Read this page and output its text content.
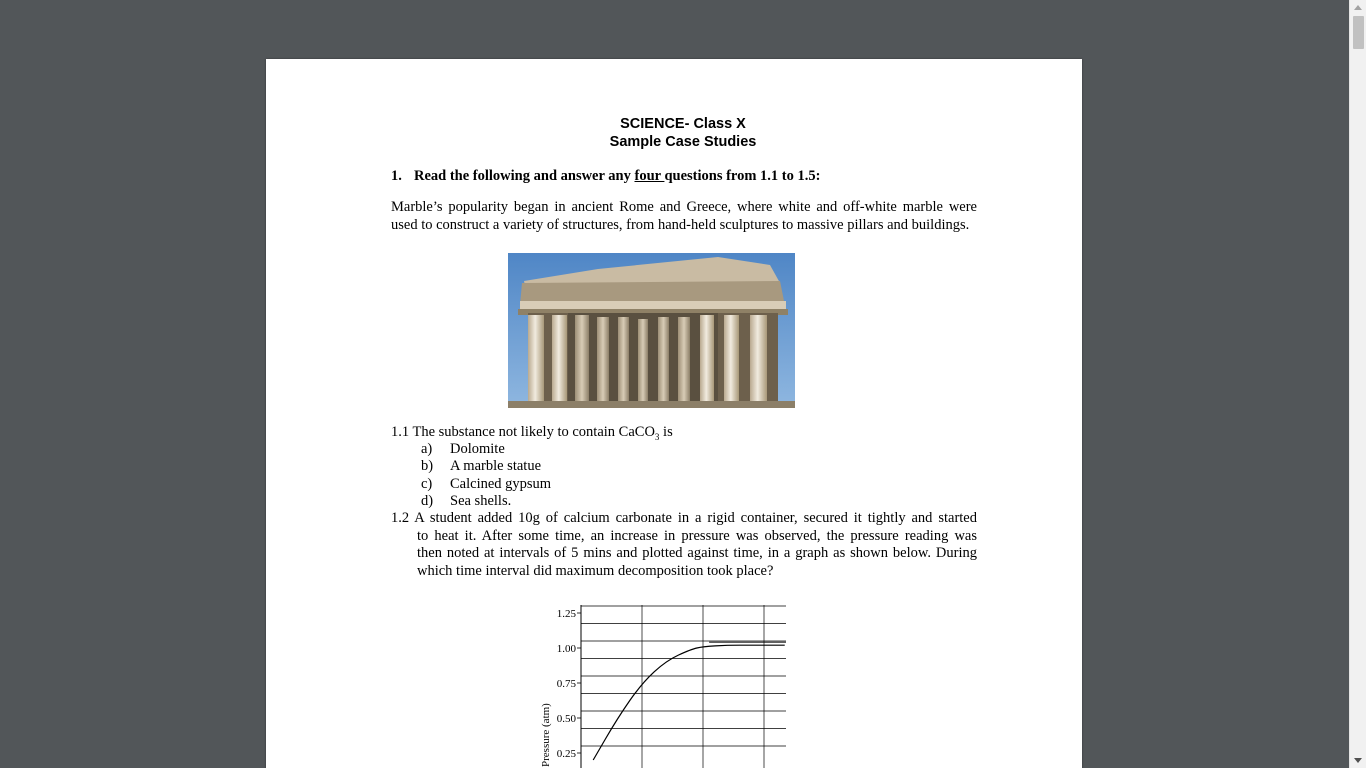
SCIENCE- Class X
Sample Case Studies
1. Read the following and answer any four questions from 1.1 to 1.5:
Marble’s popularity began in ancient Rome and Greece, where white and off-white marble were used to construct a variety of structures, from hand-held sculptures to massive pillars and buildings.
1.1 The substance not likely to contain CaCO$_3$ is
a) Dolomite
b) A marble statue
c) Calcined gypsum
d) Sea shells.
1.2 A student added 10g of calcium carbonate in a rigid container, secured it tightly and started
to heat it. After some time, an increase in pressure was observed, the pressure reading was
then noted at intervals of 5 mins and plotted against time, in a graph as shown below. During
which time interval did maximum decomposition took place?
1.25
1.00
0.75
0.50
0.25
Pressure (atm)
